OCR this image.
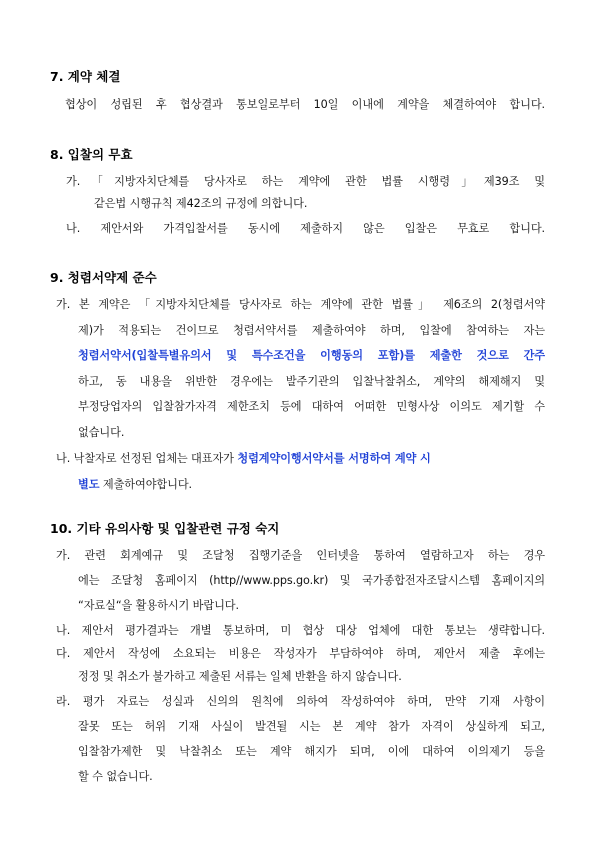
7. 계약 체결
협상이 성립된 후 협상결과 통보일로부터 10일 이내에 계약을 체결하여야 합니다.
8. 입찰의 무효
가.「지방자치단체를 당사자로 하는 계약에 관한 법률 시행령」제39조 및
같은법 시행규칙 제42조의 규정에 의합니다.
나. 제안서와 가격입찰서를 동시에 제출하지 않은 입찰은 무효로 합니다.
9. 청렴서약제 준수
가. 본 계약은 「지방자치단체를 당사자로 하는 계약에 관한 법률」 제6조의 2(청렴서약
제)가 적용되는 건이므로 청렴서약서를 제출하여야 하며, 입찰에 참여하는 자는
청렴서약서(입찰특별유의서 및 특수조건을 이행동의 포함)를 제출한 것으로 간주
하고, 동 내용을 위반한 경우에는 발주기관의 입찰낙찰취소, 계약의 해제해지 및
부정당업자의 입찰참가자격 제한조치 등에 대하여 어떠한 민형사상 이의도 제기할 수
없습니다.
나. 낙찰자로 선정된 업체는 대표자가 청렴계약이행서약서를 서명하여 계약 시
별도 제출하여야합니다.
10. 기타 유의사항 및 입찰관련 규정 숙지
가. 관련 회계예규 및 조달청 집행기준을 인터넷을 통하여 열람하고자 하는 경우
에는 조달청 홈페이지 (http//www.pps.go.kr) 및 국가종합전자조달시스템 홈페이지의
“자료실“을 활용하시기 바랍니다.
나. 제안서 평가결과는 개별 통보하며, 미 협상 대상 업체에 대한 통보는 생략합니다.
다. 제안서 작성에 소요되는 비용은 작성자가 부담하여야 하며, 제안서 제출 후에는
정정 및 취소가 불가하고 제출된 서류는 일체 반환을 하지 않습니다.
라. 평가 자료는 성실과 신의의 원칙에 의하여 작성하여야 하며, 만약 기재 사항이
잘못 또는 허위 기재 사실이 발견될 시는 본 계약 참가 자격이 상실하게 되고,
입찰참가제한 및 낙찰취소 또는 계약 해지가 되며, 이에 대하여 이의제기 등을
할 수 없습니다.
